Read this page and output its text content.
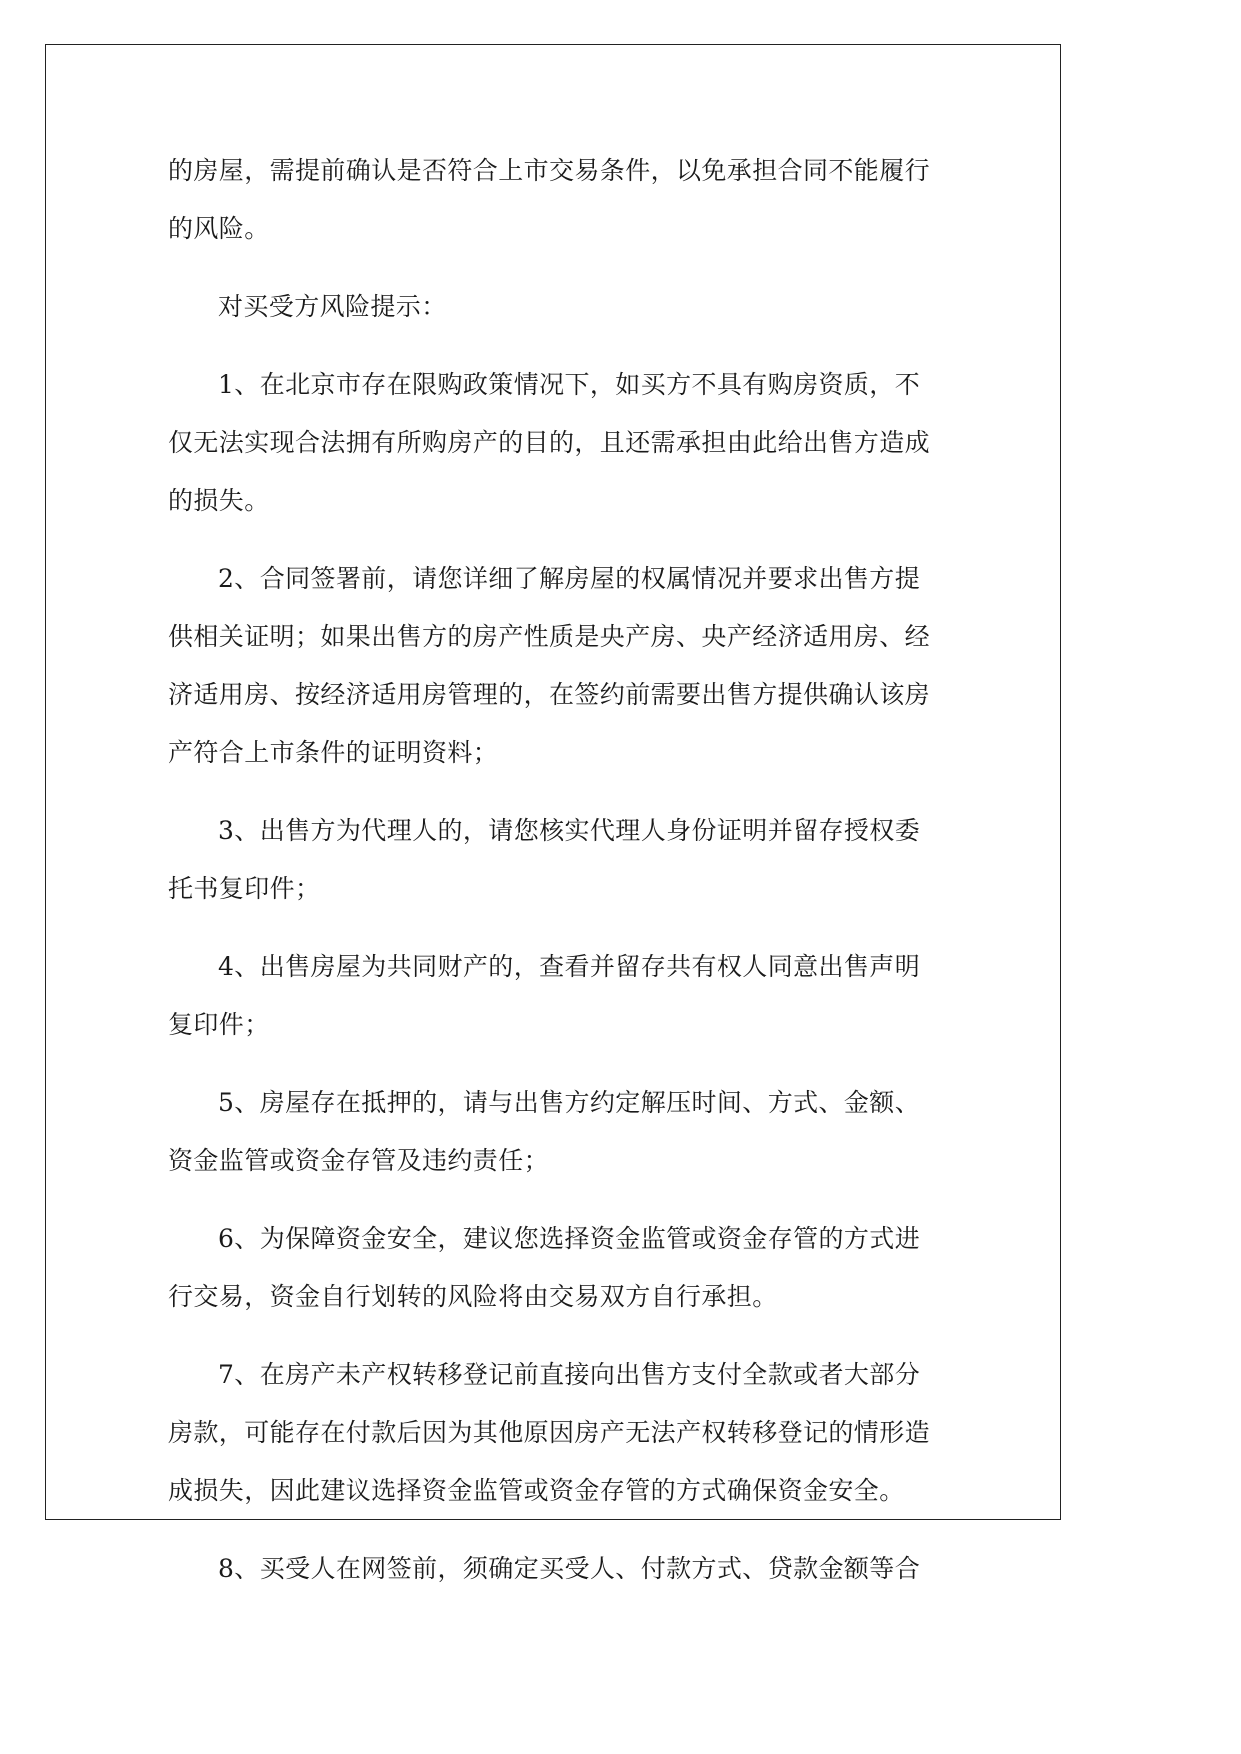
的房屋，需提前确认是否符合上市交易条件，以免承担合同不能履行
的风险。
对买受方风险提示：
1、在北京市存在限购政策情况下，如买方不具有购房资质，不
仅无法实现合法拥有所购房产的目的，且还需承担由此给出售方造成
的损失。
2、合同签署前，请您详细了解房屋的权属情况并要求出售方提
供相关证明；如果出售方的房产性质是央产房、央产经济适用房、经
济适用房、按经济适用房管理的，在签约前需要出售方提供确认该房
产符合上市条件的证明资料；
3、出售方为代理人的，请您核实代理人身份证明并留存授权委
托书复印件；
4、出售房屋为共同财产的，查看并留存共有权人同意出售声明
复印件；
5、房屋存在抵押的，请与出售方约定解压时间、方式、金额、
资金监管或资金存管及违约责任；
6、为保障资金安全，建议您选择资金监管或资金存管的方式进
行交易，资金自行划转的风险将由交易双方自行承担。
7、在房产未产权转移登记前直接向出售方支付全款或者大部分
房款，可能存在付款后因为其他原因房产无法产权转移登记的情形造
成损失，因此建议选择资金监管或资金存管的方式确保资金安全。
8、买受人在网签前，须确定买受人、付款方式、贷款金额等合
